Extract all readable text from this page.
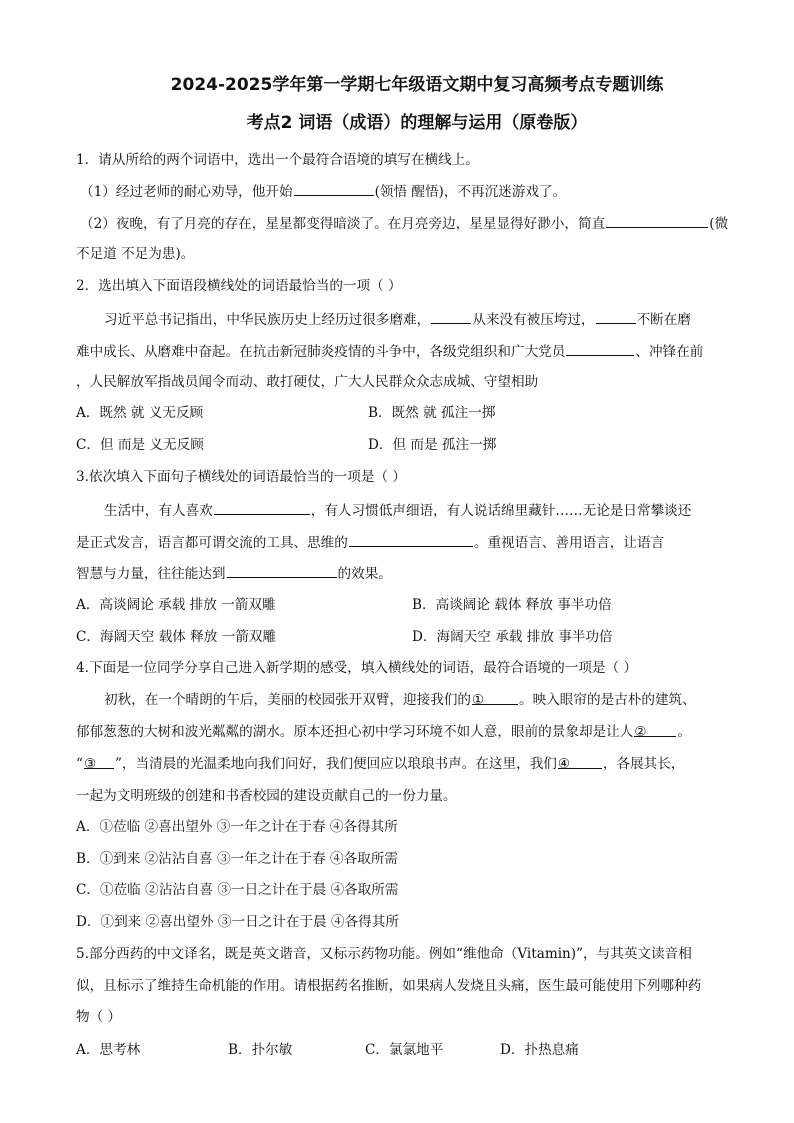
2024-2025学年第一学期七年级语文期中复习高频考点专题训练
考点2 词语（成语）的理解与运用（原卷版）
1．请从所给的两个词语中，选出一个最符合语境的填写在横线上。
（1）经过老师的耐心劝导，他开始	(领悟 醒悟)，不再沉迷游戏了。
（2）夜晚，有了月亮的存在，星星都变得暗淡了。在月亮旁边，星星显得好渺小，简直	(微
不足道 不足为患)。
2．选出填入下面语段横线处的词语最恰当的一项（ ）
习近平总书记指出，中华民族历史上经历过很多磨难，	从来没有被压垮过，	不断在磨
难中成长、从磨难中奋起。在抗击新冠肺炎疫情的斗争中，各级党组织和广大党员	、冲锋在前
，人民解放军指战员闻令而动、敢打硬仗，广大人民群众众志成城、守望相助
A．既然 就 义无反顾	B．既然 就 孤注一掷
C．但 而是 义无反顾	D．但 而是 孤注一掷
3.依次填入下面句子横线处的词语最恰当的一项是（ ）
生活中，有人喜欢	，有人习惯低声细语，有人说话绵里藏针……无论是日常攀谈还
是正式发言，语言都可谓交流的工具、思维的	。重视语言、善用语言，让语言
智慧与力量，往往能达到	的效果。
A．高谈阔论 承载 排放 一箭双雕	B．高谈阔论 载体 释放 事半功倍
C．海阔天空 载体 释放 一箭双雕	D．海阔天空 承载 排放 事半功倍
4.下面是一位同学分享自己进入新学期的感受，填入横线处的词语，最符合语境的一项是（ ）
初秋，在一个晴朗的午后，美丽的校园张开双臂，迎接我们的①	。映入眼帘的是古朴的建筑、
郁郁葱葱的大树和波光粼粼的湖水。原本还担心初中学习环境不如人意，眼前的景象却是让人② 。
“③ ”，当清晨的光温柔地向我们问好，我们便回应以琅琅书声。在这里，我们④ ，各展其长，
一起为文明班级的创建和书香校园的建设贡献自己的一份力量。
A．①莅临 ②喜出望外 ③一年之计在于春 ④各得其所
B．①到来 ②沾沾自喜 ③一年之计在于春 ④各取所需
C．①莅临 ②沾沾自喜 ③一日之计在于晨 ④各取所需
D．①到来 ②喜出望外 ③一日之计在于晨 ④各得其所
5.部分西药的中文译名，既是英文谐音，又标示药物功能。例如“维他命（Vitamin)”，与其英文读音相
似，且标示了维持生命机能的作用。请根据药名推断，如果病人发烧且头痛，医生最可能使用下列哪种药
物（ ）
A．思考林	B．扑尔敏	C．氯氯地平	D．扑热息痛
